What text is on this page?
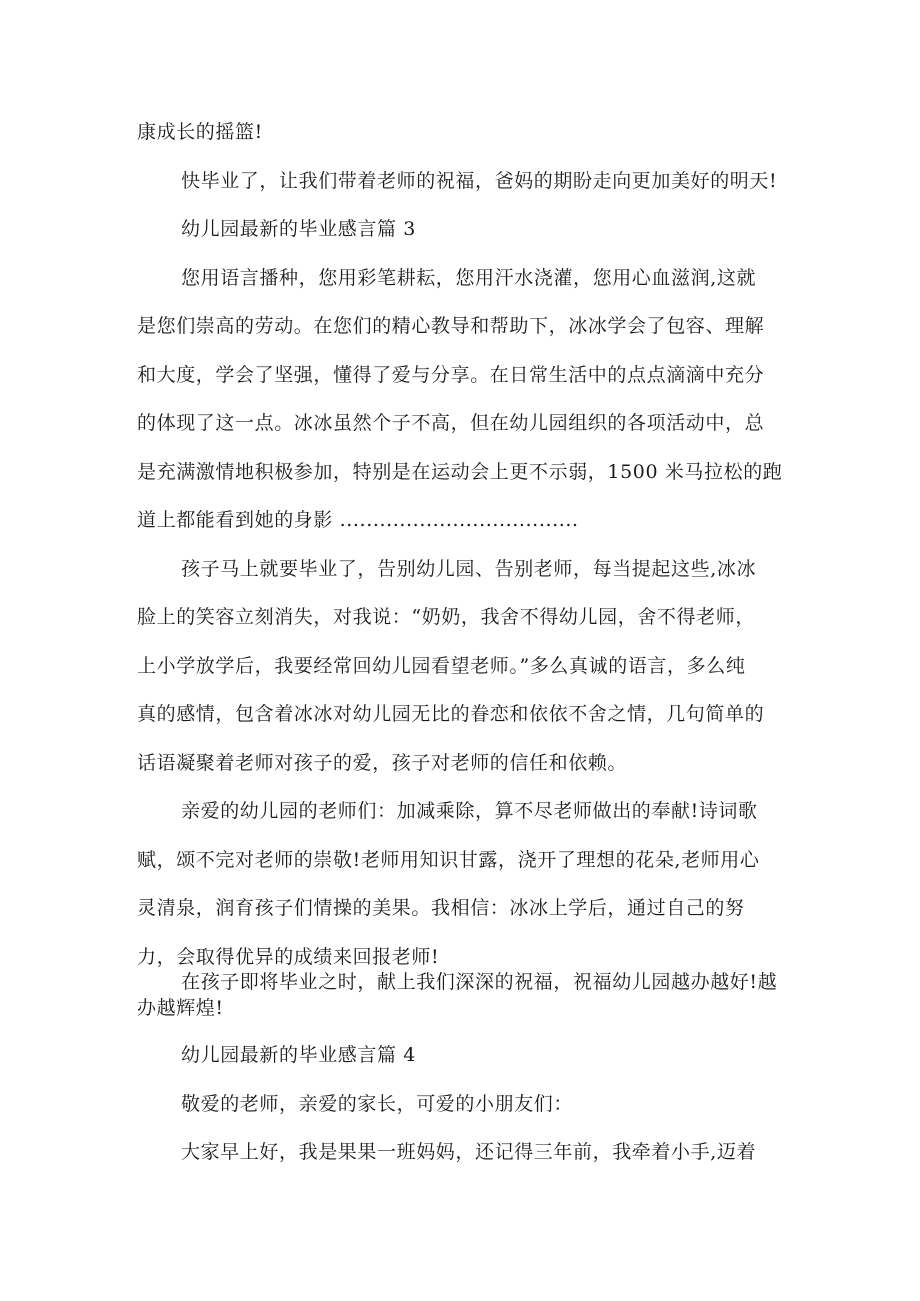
康成长的摇篮!
快毕业了，让我们带着老师的祝福，爸妈的期盼走向更加美好的明天!
幼儿园最新的毕业感言篇 3
您用语言播种，您用彩笔耕耘，您用汗水浇灌，您用心血滋润,这就
是您们崇高的劳动。在您们的精心教导和帮助下，冰冰学会了包容、理解
和大度，学会了坚强，懂得了爱与分享。在日常生活中的点点滴滴中充分
的体现了这一点。冰冰虽然个子不高，但在幼儿园组织的各项活动中，总
是充满激情地积极参加，特别是在运动会上更不示弱，1500 米马拉松的跑
道上都能看到她的身影 ....................................
孩子马上就要毕业了，告别幼儿园、告别老师，每当提起这些,冰冰
脸上的笑容立刻消失，对我说：“奶奶，我舍不得幼儿园，舍不得老师，
上小学放学后，我要经常回幼儿园看望老师。”多么真诚的语言，多么纯
真的感情，包含着冰冰对幼儿园无比的眷恋和依依不舍之情，几句简单的
话语凝聚着老师对孩子的爱，孩子对老师的信任和依赖。
亲爱的幼儿园的老师们：加减乘除，算不尽老师做出的奉献!诗词歌
赋，颂不完对老师的崇敬!老师用知识甘露，浇开了理想的花朵,老师用心
灵清泉，润育孩子们情操的美果。我相信：冰冰上学后，通过自己的努
力，会取得优异的成绩来回报老师!
在孩子即将毕业之时，献上我们深深的祝福，祝福幼儿园越办越好!越
办越辉煌!
幼儿园最新的毕业感言篇 4
敬爱的老师，亲爱的家长，可爱的小朋友们：
大家早上好，我是果果一班妈妈，还记得三年前，我牵着小手,迈着
